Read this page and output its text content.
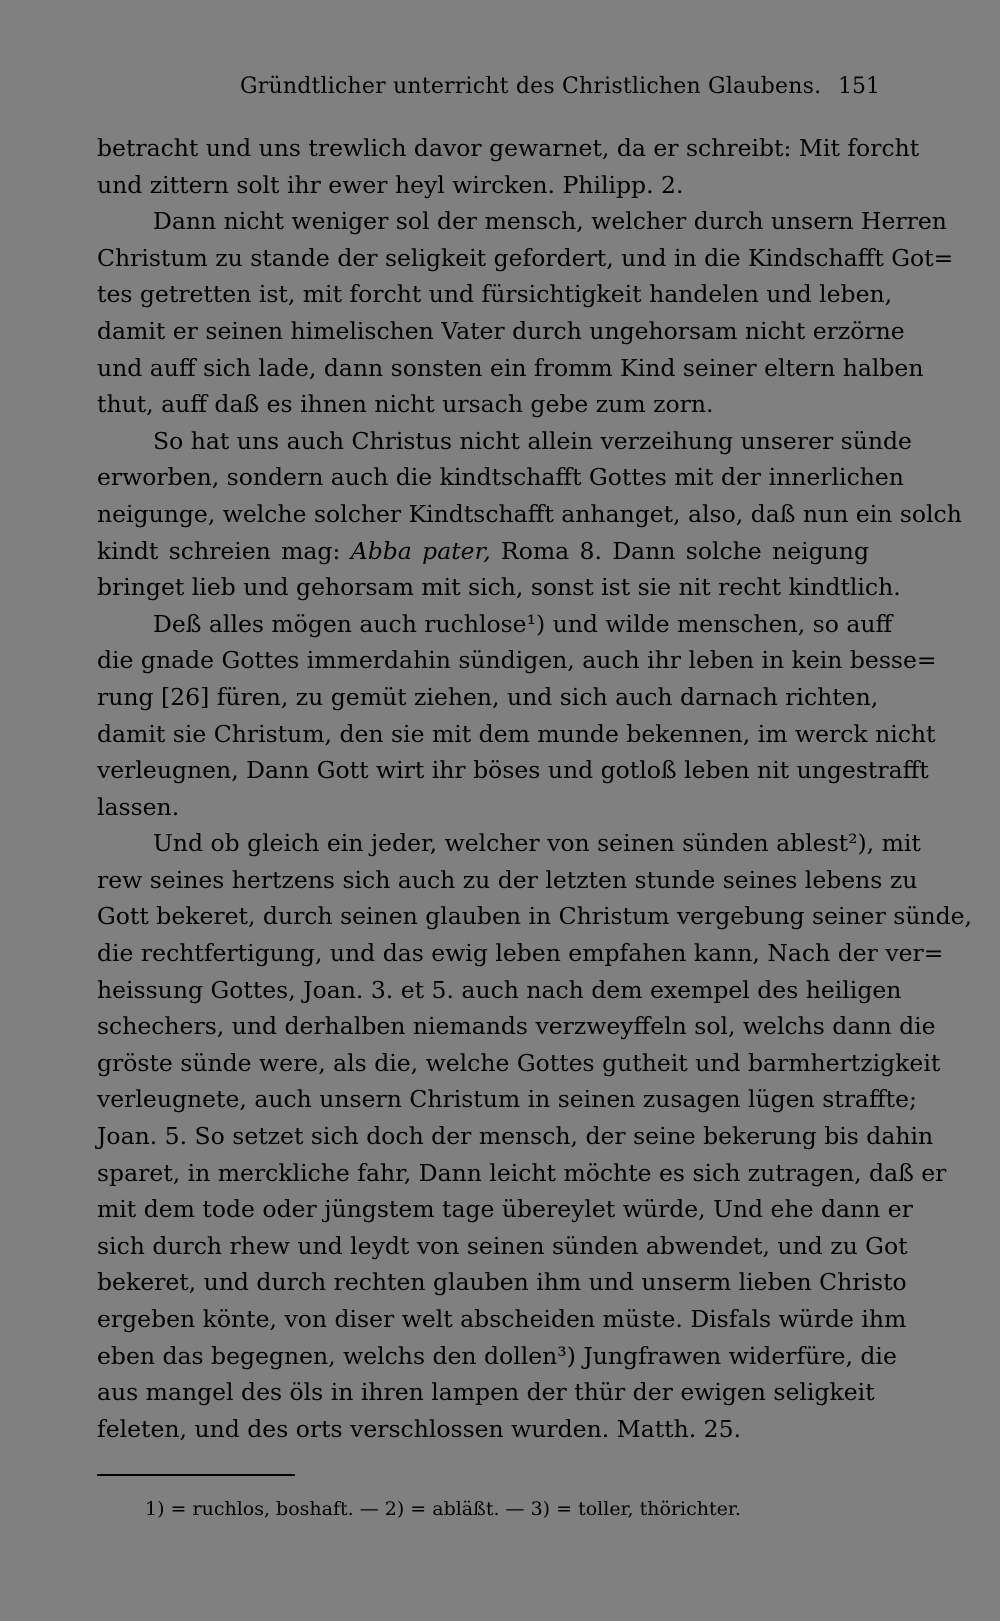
Gründtlicher unterricht des Christlichen Glaubens. 151
betracht und uns trewlich davor gewarnet, da er schreibt: Mit forcht
und zittern solt ihr ewer heyl wircken. Philipp. 2.
Dann nicht weniger sol der mensch, welcher durch unsern Herren
Christum zu stande der seligkeit gefordert, und in die Kindschafft Got=
tes getretten ist, mit forcht und fürsichtigkeit handelen und leben,
damit er seinen himelischen Vater durch ungehorsam nicht erzörne
und auff sich lade, dann sonsten ein fromm Kind seiner eltern halben
thut, auff daß es ihnen nicht ursach gebe zum zorn.
So hat uns auch Christus nicht allein verzeihung unserer sünde
erworben, sondern auch die kindtschafft Gottes mit der innerlichen
neigunge, welche solcher Kindtschafft anhanget, also, daß nun ein solch
kindt schreien mag: Abba pater, Roma 8. Dann solche neigung
bringet lieb und gehorsam mit sich, sonst ist sie nit recht kindtlich.
Deß alles mögen auch ruchlose¹) und wilde menschen, so auff
die gnade Gottes immerdahin sündigen, auch ihr leben in kein besse=
rung [26] füren, zu gemüt ziehen, und sich auch darnach richten,
damit sie Christum, den sie mit dem munde bekennen, im werck nicht
verleugnen, Dann Gott wirt ihr böses und gotloß leben nit ungestrafft
lassen.
Und ob gleich ein jeder, welcher von seinen sünden ablest²), mit
rew seines hertzens sich auch zu der letzten stunde seines lebens zu
Gott bekeret, durch seinen glauben in Christum vergebung seiner sünde,
die rechtfertigung, und das ewig leben empfahen kann, Nach der ver=
heissung Gottes, Joan. 3. et 5. auch nach dem exempel des heiligen
schechers, und derhalben niemands verzweyffeln sol, welchs dann die
gröste sünde were, als die, welche Gottes gutheit und barmhertzigkeit
verleugnete, auch unsern Christum in seinen zusagen lügen straffte;
Joan. 5. So setzet sich doch der mensch, der seine bekerung bis dahin
sparet, in merckliche fahr, Dann leicht möchte es sich zutragen, daß er
mit dem tode oder jüngstem tage übereylet würde, Und ehe dann er
sich durch rhew und leydt von seinen sünden abwendet, und zu Got
bekeret, und durch rechten glauben ihm und unserm lieben Christo
ergeben könte, von diser welt abscheiden müste. Disfals würde ihm
eben das begegnen, welchs den dollen³) Jungfrawen widerfüre, die
aus mangel des öls in ihren lampen der thür der ewigen seligkeit
feleten, und des orts verschlossen wurden. Matth. 25.
1) = ruchlos, boshaft. — 2) = abläßt. — 3) = toller, thörichter.
